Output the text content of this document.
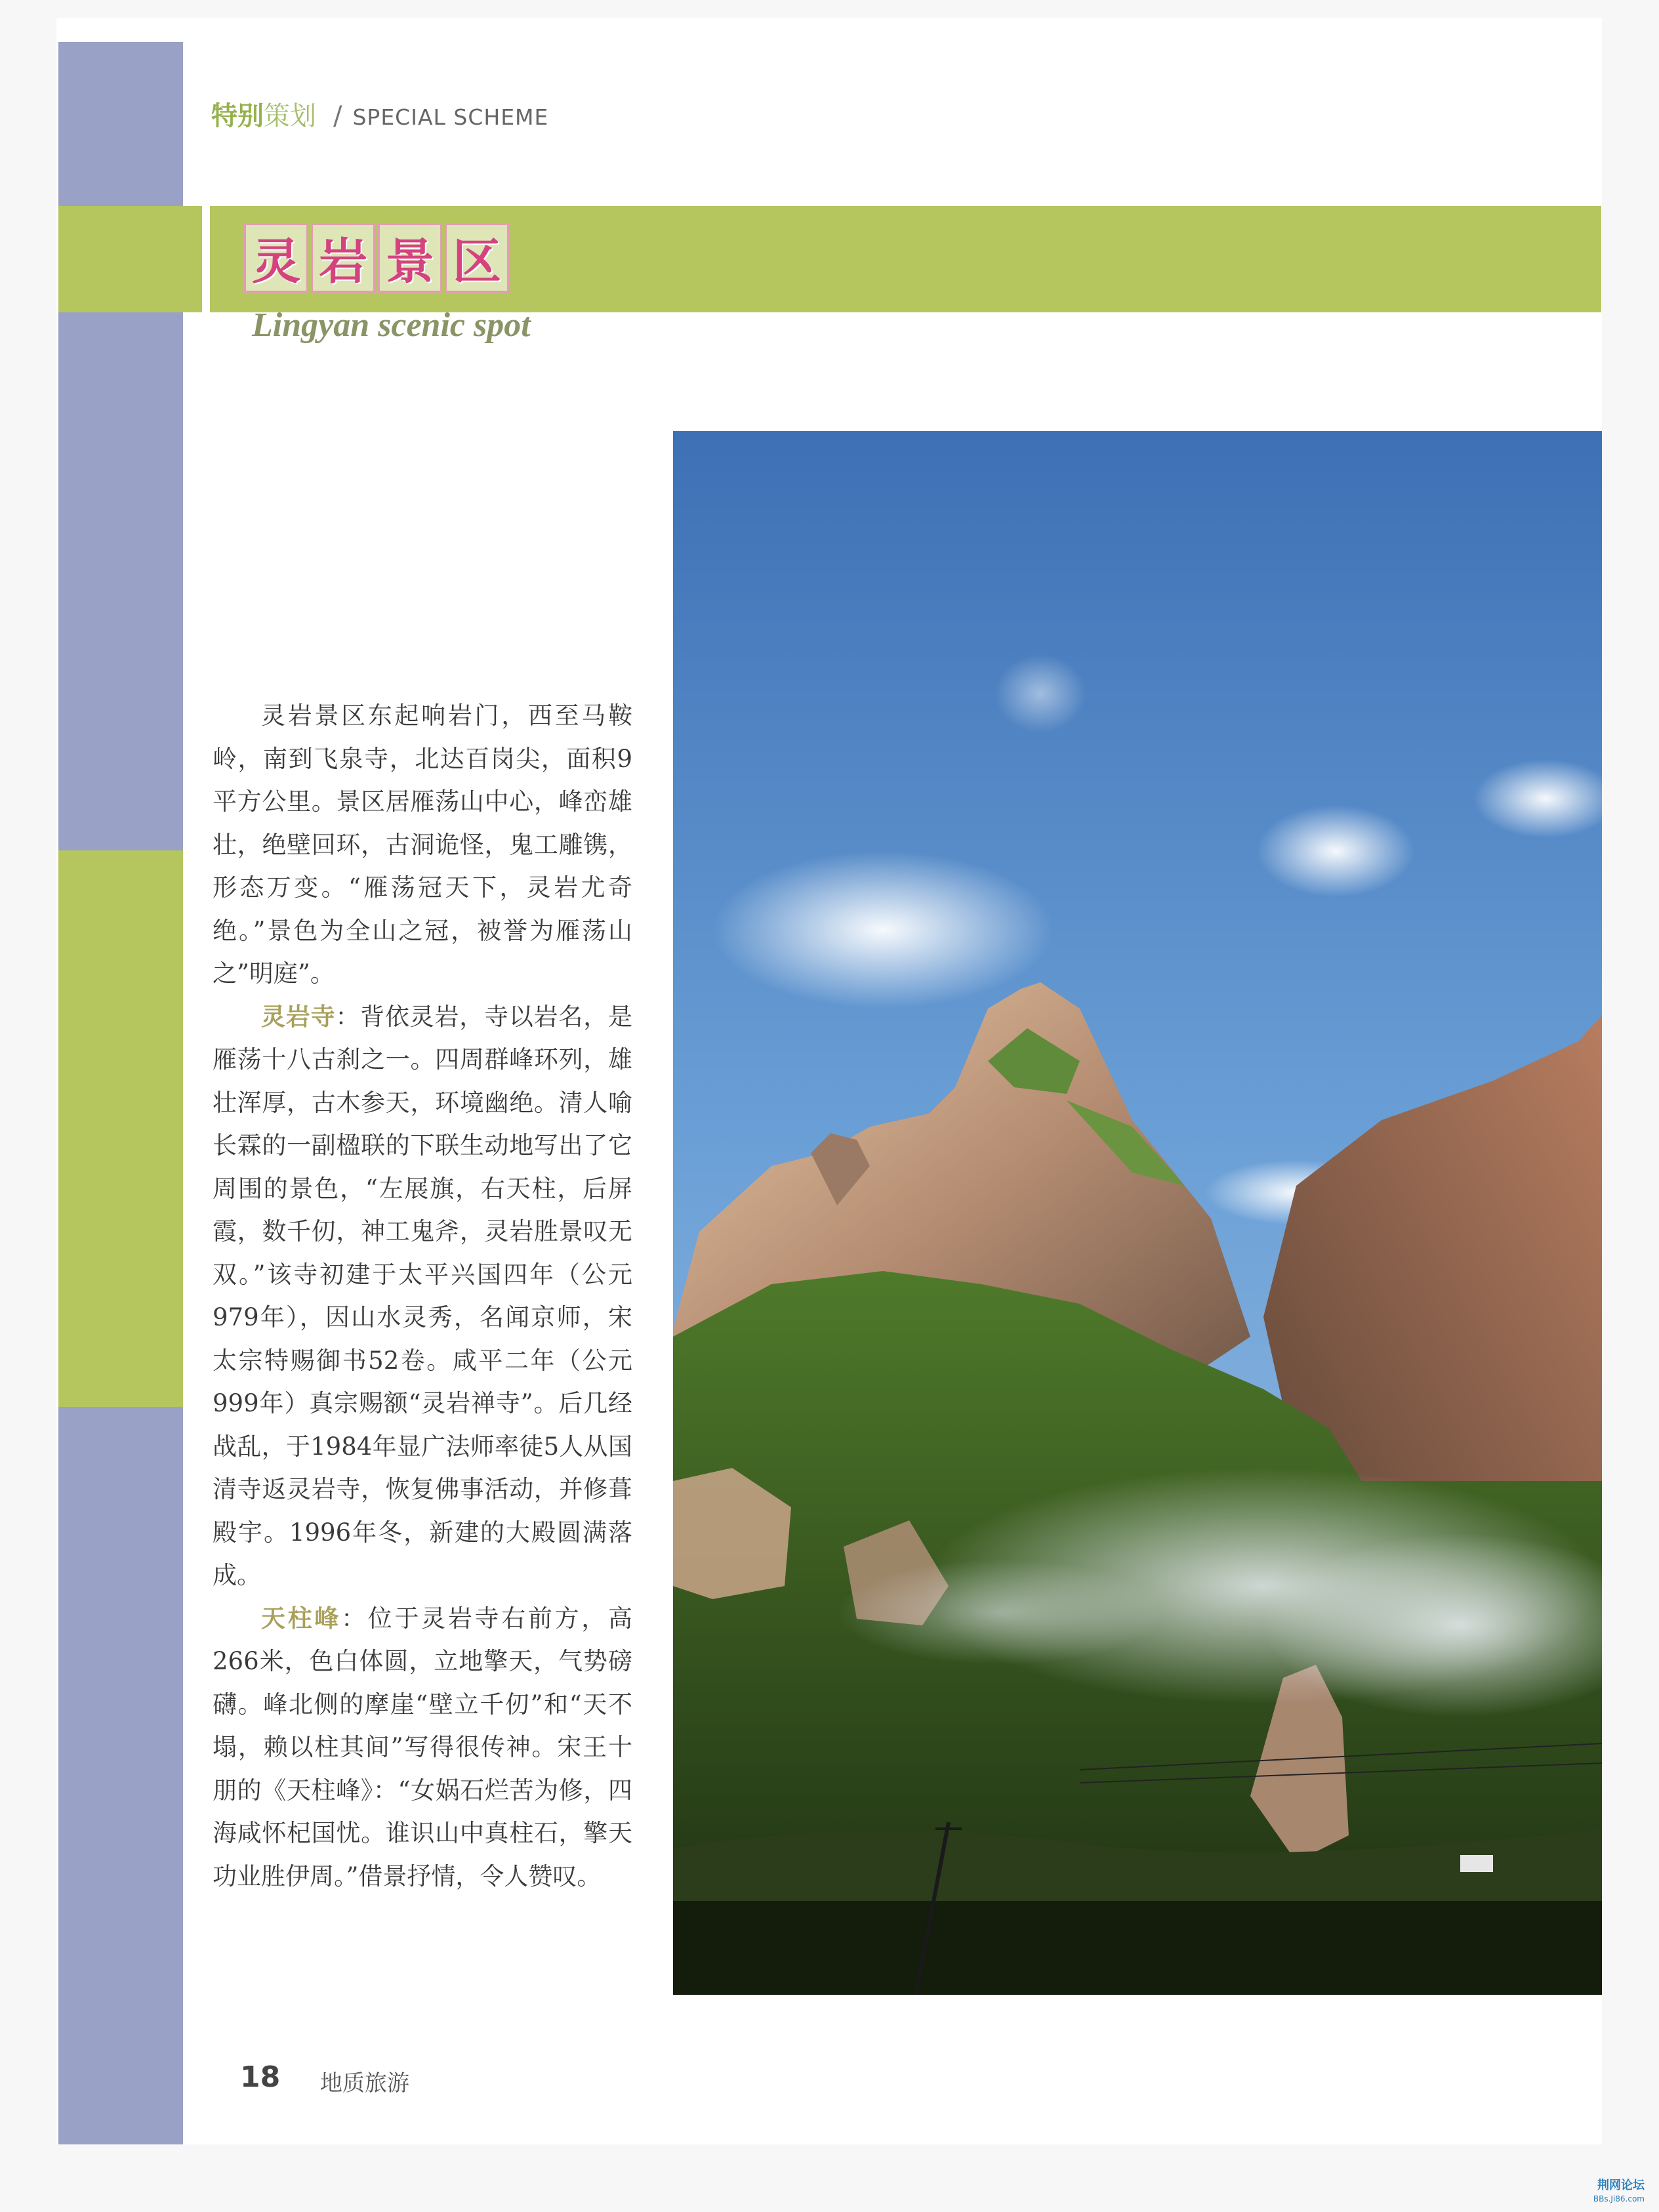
特别策划 / SPECIAL SCHEME
灵 岩 景 区
Lingyan scenic spot

灵岩景区东起响岩门，西至马鞍岭，南到飞泉寺，北达百岗尖，面积9平方公里。景区居雁荡山中心，峰峦雄壮，绝壁回环，古洞诡怪，鬼工雕镌，形态万变。“雁荡冠天下，灵岩尤奇绝。”景色为全山之冠，被誉为雁荡山之”明庭”。

灵岩寺：背依灵岩，寺以岩名，是雁荡十八古刹之一。四周群峰环列，雄壮浑厚，古木参天，环境幽绝。清人喻长霖的一副楹联的下联生动地写出了它周围的景色，“左展旗，右天柱，后屏霞，数千仞，神工鬼斧，灵岩胜景叹无双。”该寺初建于太平兴国四年（公元979年），因山水灵秀，名闻京师，宋太宗特赐御书52卷。咸平二年（公元999年）真宗赐额“灵岩禅寺”。后几经战乱，于1984年显广法师率徒5人从国清寺返灵岩寺，恢复佛事活动，并修葺殿宇。1996年冬，新建的大殿圆满落成。

天柱峰：位于灵岩寺右前方，高266米，色白体圆，立地擎天，气势磅礴。峰北侧的摩崖“壁立千仞”和“天不塌，赖以柱其间”写得很传神。宋王十朋的《天柱峰》：“女娲石烂苦为修，四海咸怀杞国忧。谁识山中真柱石，擎天功业胜伊周。”借景抒情，令人赞叹。

18 地质旅游
荆网论坛
BBs.Ji86.com
